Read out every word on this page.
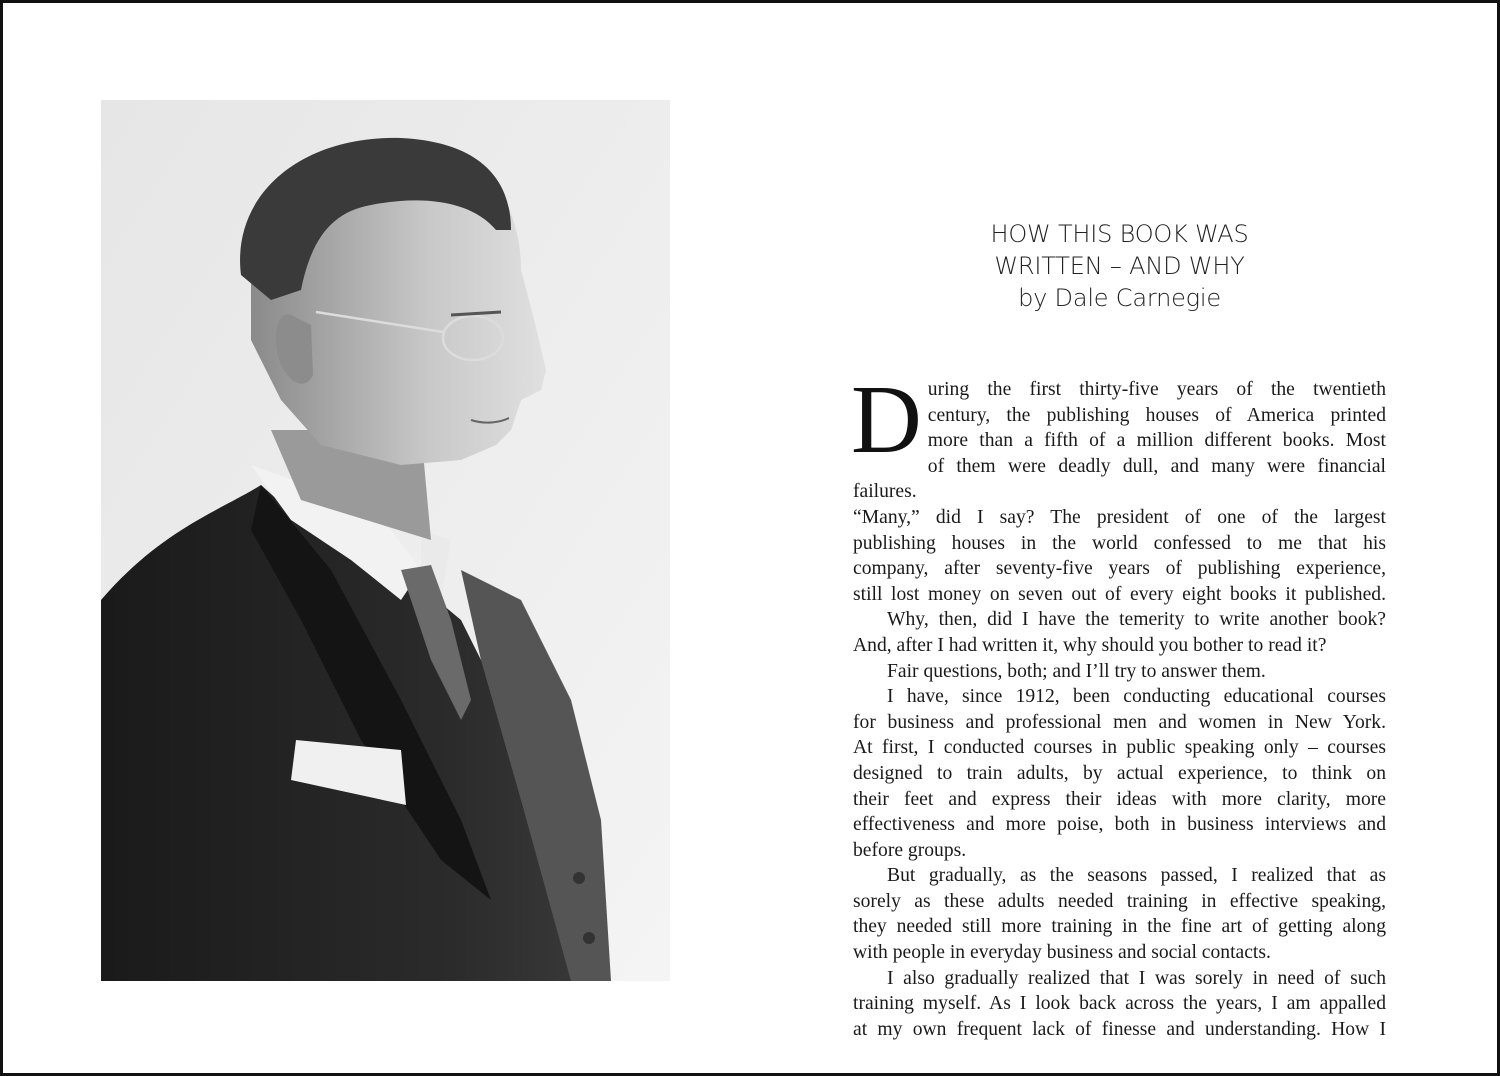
HOW THIS BOOK WAS
WRITTEN – AND WHY
by Dale Carnegie
D uring the first thirty-five years of the twentieth
century, the publishing houses of America printed
more than a fifth of a million different books. Most
of them were deadly dull, and many were financial failures.
“Many,” did I say? The president of one of the largest
publishing houses in the world confessed to me that his
company, after seventy-five years of publishing experience,
still lost money on seven out of every eight books it published.
Why, then, did I have the temerity to write another book?
And, after I had written it, why should you bother to read it?
Fair questions, both; and I’ll try to answer them.
I have, since 1912, been conducting educational courses
for business and professional men and women in New York.
At first, I conducted courses in public speaking only – courses
designed to train adults, by actual experience, to think on
their feet and express their ideas with more clarity, more
effectiveness and more poise, both in business interviews and
before groups.
But gradually, as the seasons passed, I realized that as
sorely as these adults needed training in effective speaking,
they needed still more training in the fine art of getting along
with people in everyday business and social contacts.
I also gradually realized that I was sorely in need of such
training myself. As I look back across the years, I am appalled
at my own frequent lack of finesse and understanding. How I
